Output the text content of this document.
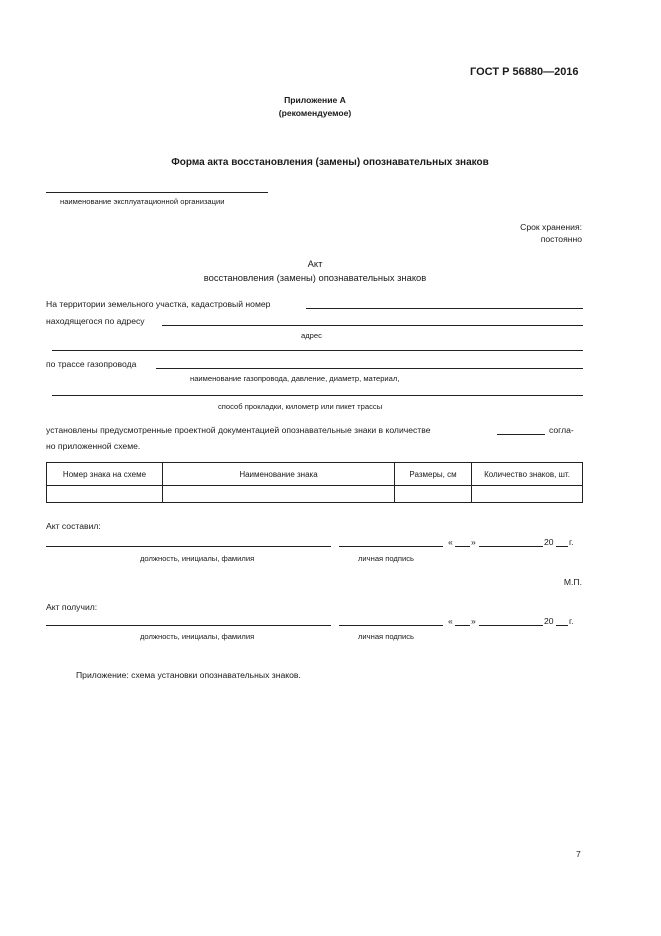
ГОСТ Р 56880—2016
Приложение А
(рекомендуемое)
Форма акта восстановления (замены) опознавательных знаков
наименование эксплуатационной организации
Срок хранения:
постоянно
Акт
восстановления (замены) опознавательных знаков
На территории земельного участка, кадастровый номер
находящегося по адресу
адрес
по трассе газопровода
наименование газопровода, давление, диаметр, материал,
способ прокладки, километр или пикет трассы
установлены предусмотренные проектной документацией опознавательные знаки в количестве	согла-
но приложенной схеме.
Номер знака на схеме	Наименование знака	Размеры, см	Количество знаков, шт.

Акт составил:
« »	20 г.
должность, инициалы, фамилия	личная подпись
М.П.
Акт получил:
« »	20 г.
должность, инициалы, фамилия	личная подпись
Приложение: схема установки опознавательных знаков.
7
